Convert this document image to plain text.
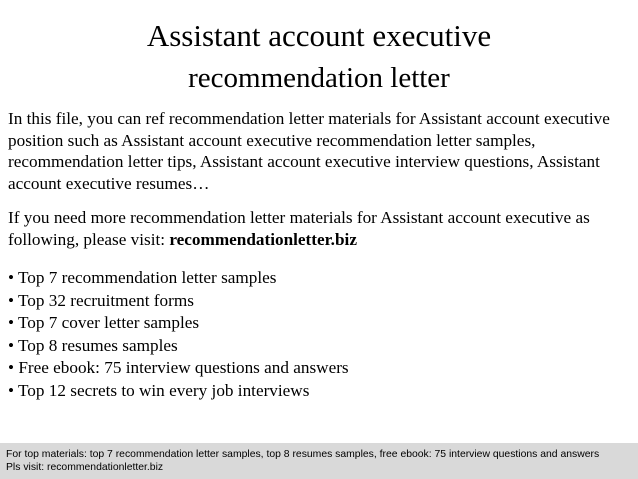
Assistant account executive
recommendation letter
In this file, you can ref recommendation letter materials for Assistant account executive position such as Assistant account executive recommendation letter samples, recommendation letter tips, Assistant account executive interview questions, Assistant account executive resumes…
If you need more recommendation letter materials for Assistant account executive as following, please visit: recommendationletter.biz
• Top 7 recommendation letter samples
• Top 32 recruitment forms
• Top 7 cover letter samples
• Top 8 resumes samples
• Free ebook: 75 interview questions and answers
• Top 12 secrets to win every job interviews
For top materials: top 7 recommendation letter samples, top 8 resumes samples, free ebook: 75 interview questions and answers
Pls visit: recommendationletter.biz
